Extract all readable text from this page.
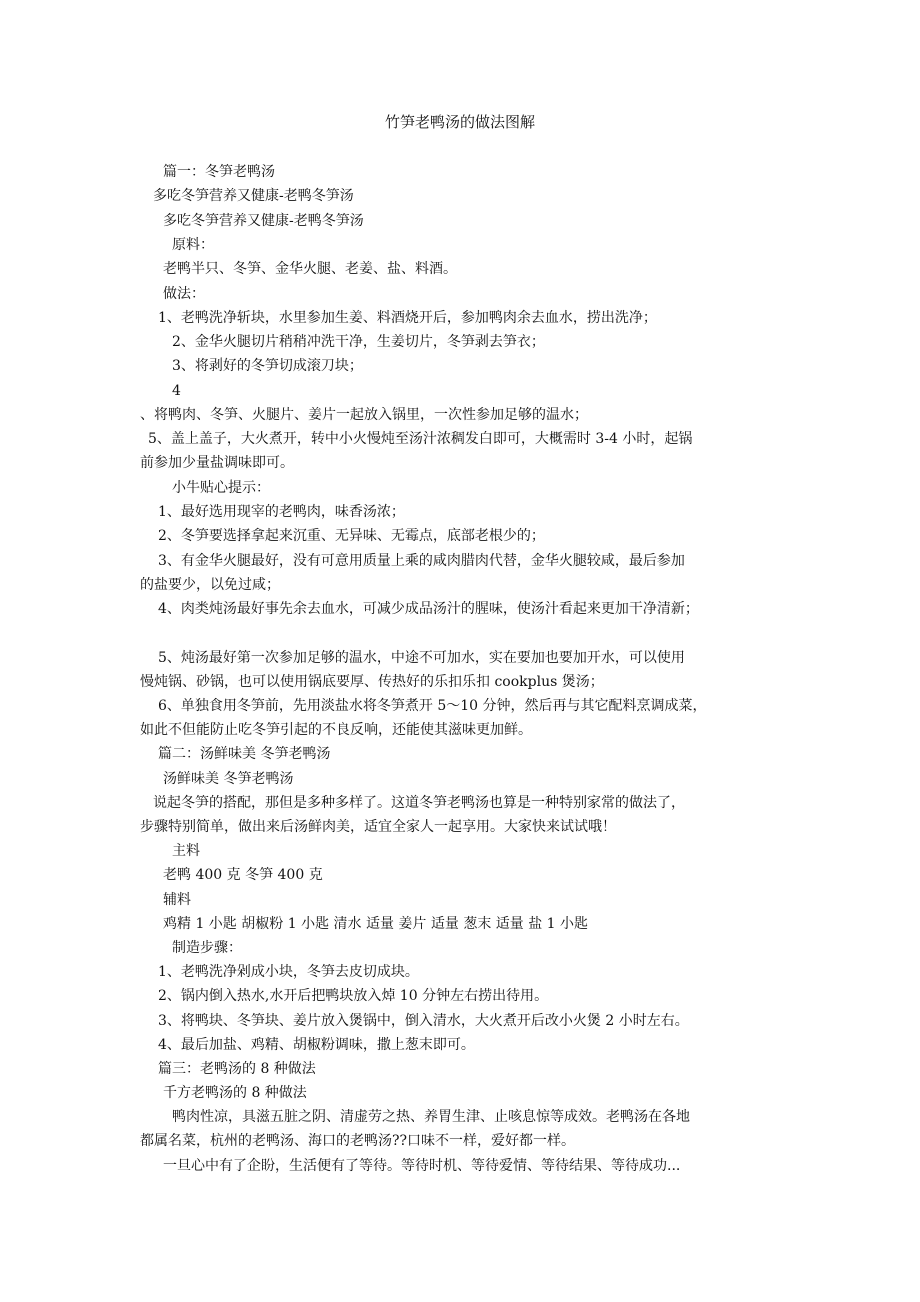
竹笋老鸭汤的做法图解
篇一：冬笋老鸭汤
多吃冬笋营养又健康-老鸭冬笋汤
多吃冬笋营养又健康-老鸭冬笋汤
原料：
老鸭半只、冬笋、金华火腿、老姜、盐、料酒。
做法：
1、老鸭洗净斩块，水里参加生姜、料酒烧开后，参加鸭肉余去血水，捞出洗净；
2、金华火腿切片稍稍冲洗干净，生姜切片，冬笋剥去笋衣；
3、将剥好的冬笋切成滚刀块；
4
、将鸭肉、冬笋、火腿片、姜片一起放入锅里，一次性参加足够的温水；
5、盖上盖子，大火煮开，转中小火慢炖至汤汁浓稠发白即可，大概需时 3-4 小时，起锅
前参加少量盐调味即可。
小牛贴心提示：
1、最好选用现宰的老鸭肉，味香汤浓；
2、冬笋要选择拿起来沉重、无异味、无霉点，底部老根少的；
3、有金华火腿最好，没有可意用质量上乘的咸肉腊肉代替，金华火腿较咸，最后参加
的盐要少，以免过咸；
4、肉类炖汤最好事先余去血水，可减少成品汤汁的腥味，使汤汁看起来更加干净清新；
5、炖汤最好第一次参加足够的温水，中途不可加水，实在要加也要加开水，可以使用
慢炖锅、砂锅，也可以使用锅底要厚、传热好的乐扣乐扣 cookplus 煲汤；
6、单独食用冬笋前，先用淡盐水将冬笋煮开 5～10 分钟，然后再与其它配料烹调成菜，
如此不但能防止吃冬笋引起的不良反响，还能使其滋味更加鲜。
篇二：汤鲜味美 冬笋老鸭汤
汤鲜味美 冬笋老鸭汤
说起冬笋的搭配，那但是多种多样了。这道冬笋老鸭汤也算是一种特别家常的做法了，
步骤特别简单，做出来后汤鲜肉美，适宜全家人一起享用。大家快来试试哦！
主料
老鸭 400 克 冬笋 400 克
辅料
鸡精 1 小匙 胡椒粉 1 小匙 清水 适量 姜片 适量 葱末 适量 盐 1 小匙
制造步骤：
1、老鸭洗净剁成小块，冬笋去皮切成块。
2、锅内倒入热水,水开后把鸭块放入焯 10 分钟左右捞出待用。
3、将鸭块、冬笋块、姜片放入煲锅中，倒入清水，大火煮开后改小火煲 2 小时左右。
4、最后加盐、鸡精、胡椒粉调味，撒上葱末即可。
篇三：老鸭汤的 8 种做法
千方老鸭汤的 8 种做法
鸭肉性凉，具滋五脏之阴、清虚劳之热、养胃生津、止咳息惊等成效。老鸭汤在各地
都属名菜，杭州的老鸭汤、海口的老鸭汤??口味不一样，爱好都一样。
一旦心中有了企盼，生活便有了等待。等待时机、等待爱情、等待结果、等待成功...
